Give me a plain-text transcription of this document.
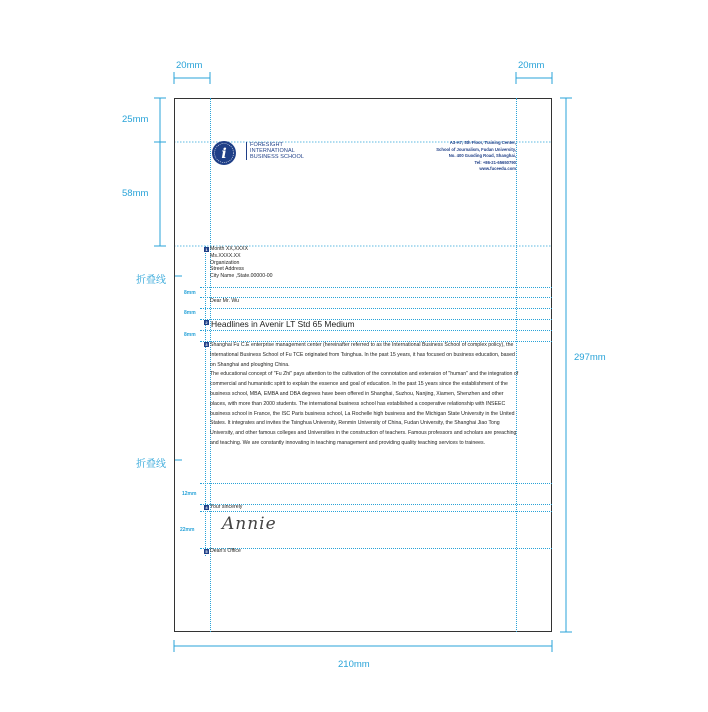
20mm	20mm
25mm
58mm
297mm
210mm
折叠线
折叠线
8mm
8mm
8mm
12mm
22mm
i
FORESIGHT
INTERNATIONAL
BUSINESS SCHOOL
A3-A7, 5th Floor, Training Center,
School of Journalism, Fudan University,
No. 400 Guoding Road, Shanghai,
Tel: +86-21-65650790
www.fuceedu.com
1
2
3
4
5
Month XX,XXXX
Ms.XXXX.XX
Organization
Street Address
City Name ,State.00000-00
Dear Mr. Wu
Headlines in Avenir LT Std 65 Medium

Shanghai Fu C.E enterprise management center (hereinafter referred to as the International Business School of complex policy), the International Business School of Fu TCE originated from Tsinghua. In the past 15 years, it has focused on business education, based on Shanghai and ploughing China.

The educational concept of "Fu Zhi" pays attention to the cultivation of the connotation and extension of "human" and the integration of commercial and humanistic spirit to explain the essence and goal of education. In the past 15 years since the establishment of the business school, MBA, EMBA and DBA degrees have been offered in Shanghai, Suzhou, Nanjing, Xiamen, Shenzhen and other places, with more than 2000 students. The international business school has established a cooperative relationship with INSEEC business school in France, the ISC Paris business school, La Rochelle high business and the Michigan State University in the United States. It integrates and invites the Tsinghua University, Renmin University of China, Fudan University, the Shanghai Jiao Tong University, and other famous colleges and Universities in the construction of teachers. Famous professors and scholars are preaching and teaching. We are constantly innovating in teaching management and providing quality teaching services to trainees.

Your sincerely
Annie
Dean's Office
